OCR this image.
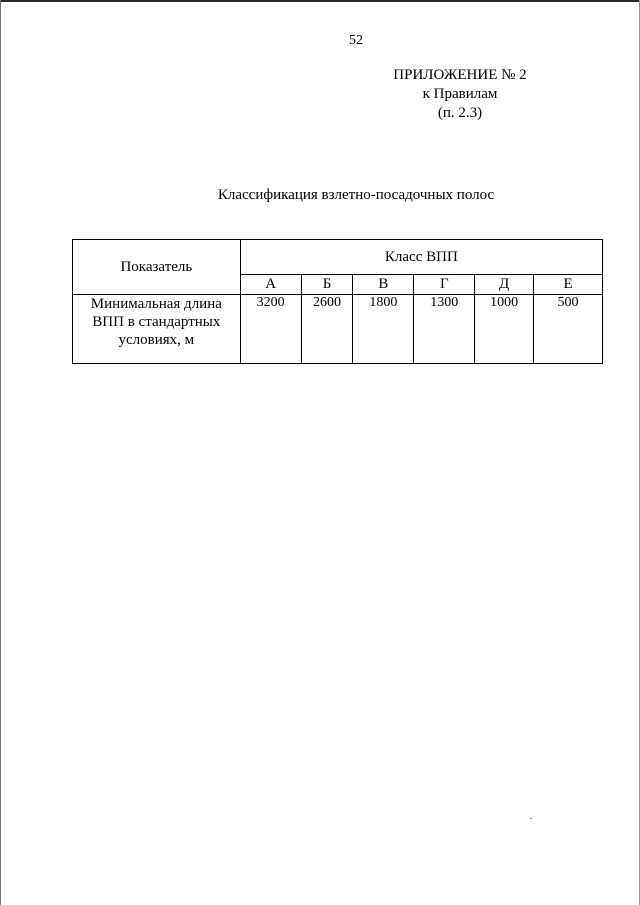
52
ПРИЛОЖЕНИЕ № 2
к Правилам
(п. 2.3)
Классификация взлетно-посадочных полос
Показатель	Класс ВПП					
	А	Б	В	Г	Д	Е

Минимальная длина
ВПП в стандартных
условиях, м	3200	2600	1800	1300	1000	500
